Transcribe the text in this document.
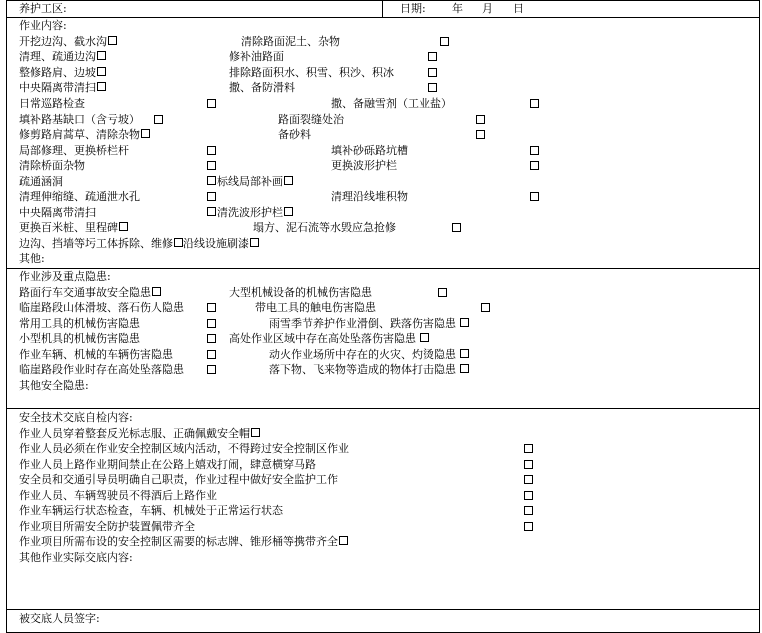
养护工区:	日期: 年 月 日
作业内容:
开挖边沟、截水沟	清除路面泥土、杂物
清理、疏通边沟	修补油路面
整修路肩、边坡	排除路面积水、积雪、积沙、积冰
中央隔离带清扫	撒、备防滑料
日常巡路检查	撒、备融雪剂（工业盐）
填补路基缺口（含亏坡）	路面裂缝处治
修剪路肩蒿草、清除杂物	备砂料
局部修理、更换桥栏杆	填补砂砾路坑槽
清除桥面杂物	更换波形护栏
疏通涵洞	标线局部补画
清理伸缩缝、疏通泄水孔	清理沿线堆积物
中央隔离带清扫	清洗波形护栏
更换百米桩、里程碑	塌方、泥石流等水毁应急抢修
边沟、挡墙等圬工体拆除、维修 沿线设施刷漆
其他:
作业涉及重点隐患:
路面行车交通事故安全隐患	大型机械设备的机械伤害隐患
临崖路段山体滑坡、落石伤人隐患	带电工具的触电伤害隐患
常用工具的机械伤害隐患	雨雪季节养护作业滑倒、跌落伤害隐患
小型机具的机械伤害隐患	高处作业区域中存在高处坠落伤害隐患
作业车辆、机械的车辆伤害隐患	动火作业场所中存在的火灾、灼烫隐患
临崖路段作业时存在高处坠落隐患	落下物、飞来物等造成的物体打击隐患
其他安全隐患:
安全技术交底自检内容:
作业人员穿着整套反光标志服、正确佩戴安全帽
作业人员必须在作业安全控制区域内活动，不得跨过安全控制区作业
作业人员上路作业期间禁止在公路上嬉戏打闹，肆意横穿马路
安全员和交通引导员明确自己职责，作业过程中做好安全监护工作
作业人员、车辆驾驶员不得酒后上路作业
作业车辆运行状态检查，车辆、机械处于正常运行状态
作业项目所需安全防护装置佩带齐全
作业项目所需布设的安全控制区需要的标志牌、锥形桶等携带齐全
其他作业实际交底内容:
被交底人员签字:
